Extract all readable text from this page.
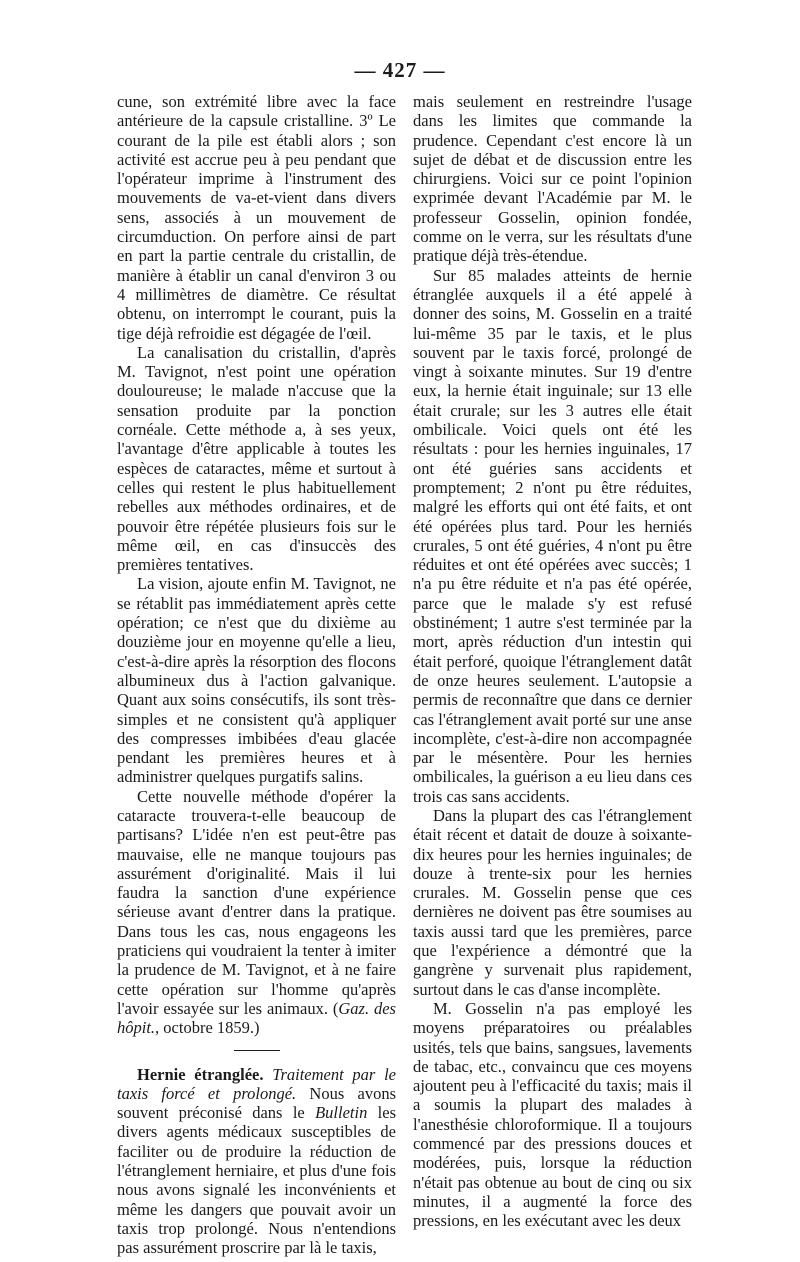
— 427 —

cune, son extrémité libre avec la face antérieure de la capsule cristalline. 3º Le courant de la pile est établi alors ; son activité est accrue peu à peu pendant que l'opérateur imprime à l'instrument des mouvements de va-et-vient dans divers sens, associés à un mouvement de circumduction. On perfore ainsi de part en part la partie centrale du cristallin, de manière à établir un canal d'environ 3 ou 4 millimètres de diamètre. Ce résultat obtenu, on interrompt le courant, puis la tige déjà refroidie est dégagée de l'œil.

La canalisation du cristallin, d'après M. Tavignot, n'est point une opération douloureuse; le malade n'accuse que la sensation produite par la ponction cornéale. Cette méthode a, à ses yeux, l'avantage d'être applicable à toutes les espèces de cataractes, même et surtout à celles qui restent le plus habituellement rebelles aux méthodes ordinaires, et de pouvoir être répétée plusieurs fois sur le même œil, en cas d'insuccès des premières tentatives.

La vision, ajoute enfin M. Tavignot, ne se rétablit pas immédiatement après cette opération; ce n'est que du dixième au douzième jour en moyenne qu'elle a lieu, c'est-à-dire après la résorption des flocons albumineux dus à l'action galvanique. Quant aux soins consécutifs, ils sont très-simples et ne consistent qu'à appliquer des compresses imbibées d'eau glacée pendant les premières heures et à administrer quelques purgatifs salins.

Cette nouvelle méthode d'opérer la cataracte trouvera-t-elle beaucoup de partisans? L'idée n'en est peut-être pas mauvaise, elle ne manque toujours pas assurément d'originalité. Mais il lui faudra la sanction d'une expérience sérieuse avant d'entrer dans la pratique. Dans tous les cas, nous engageons les praticiens qui voudraient la tenter à imiter la prudence de M. Tavignot, et à ne faire cette opération sur l'homme qu'après l'avoir essayée sur les animaux. (Gaz. des hôpit., octobre 1859.)

Hernie étranglée. Traitement par le taxis forcé et prolongé. Nous avons souvent préconisé dans le Bulletin les divers agents médicaux susceptibles de faciliter ou de produire la réduction de l'étranglement herniaire, et plus d'une fois nous avons signalé les inconvénients et même les dangers que pouvait avoir un taxis trop prolongé. Nous n'entendions pas assurément proscrire par là le taxis,

mais seulement en restreindre l'usage dans les limites que commande la prudence. Cependant c'est encore là un sujet de débat et de discussion entre les chirurgiens. Voici sur ce point l'opinion exprimée devant l'Académie par M. le professeur Gosselin, opinion fondée, comme on le verra, sur les résultats d'une pratique déjà très-étendue.

Sur 85 malades atteints de hernie étranglée auxquels il a été appelé à donner des soins, M. Gosselin en a traité lui-même 35 par le taxis, et le plus souvent par le taxis forcé, prolongé de vingt à soixante minutes. Sur 19 d'entre eux, la hernie était inguinale; sur 13 elle était crurale; sur les 3 autres elle était ombilicale. Voici quels ont été les résultats : pour les hernies inguinales, 17 ont été guéries sans accidents et promptement; 2 n'ont pu être réduites, malgré les efforts qui ont été faits, et ont été opérées plus tard. Pour les herniés crurales, 5 ont été guéries, 4 n'ont pu être réduites et ont été opérées avec succès; 1 n'a pu être réduite et n'a pas été opérée, parce que le malade s'y est refusé obstinément; 1 autre s'est terminée par la mort, après réduction d'un intestin qui était perforé, quoique l'étranglement datât de onze heures seulement. L'autopsie a permis de reconnaître que dans ce dernier cas l'étranglement avait porté sur une anse incomplète, c'est-à-dire non accompagnée par le mésentère. Pour les hernies ombilicales, la guérison a eu lieu dans ces trois cas sans accidents.

Dans la plupart des cas l'étranglement était récent et datait de douze à soixante-dix heures pour les hernies inguinales; de douze à trente-six pour les hernies crurales. M. Gosselin pense que ces dernières ne doivent pas être soumises au taxis aussi tard que les premières, parce que l'expérience a démontré que la gangrène y survenait plus rapidement, surtout dans le cas d'anse incomplète.

M. Gosselin n'a pas employé les moyens préparatoires ou préalables usités, tels que bains, sangsues, lavements de tabac, etc., convaincu que ces moyens ajoutent peu à l'efficacité du taxis; mais il a soumis la plupart des malades à l'anesthésie chloroformique. Il a toujours commencé par des pressions douces et modérées, puis, lorsque la réduction n'était pas obtenue au bout de cinq ou six minutes, il a augmenté la force des pressions, en les exécutant avec les deux
